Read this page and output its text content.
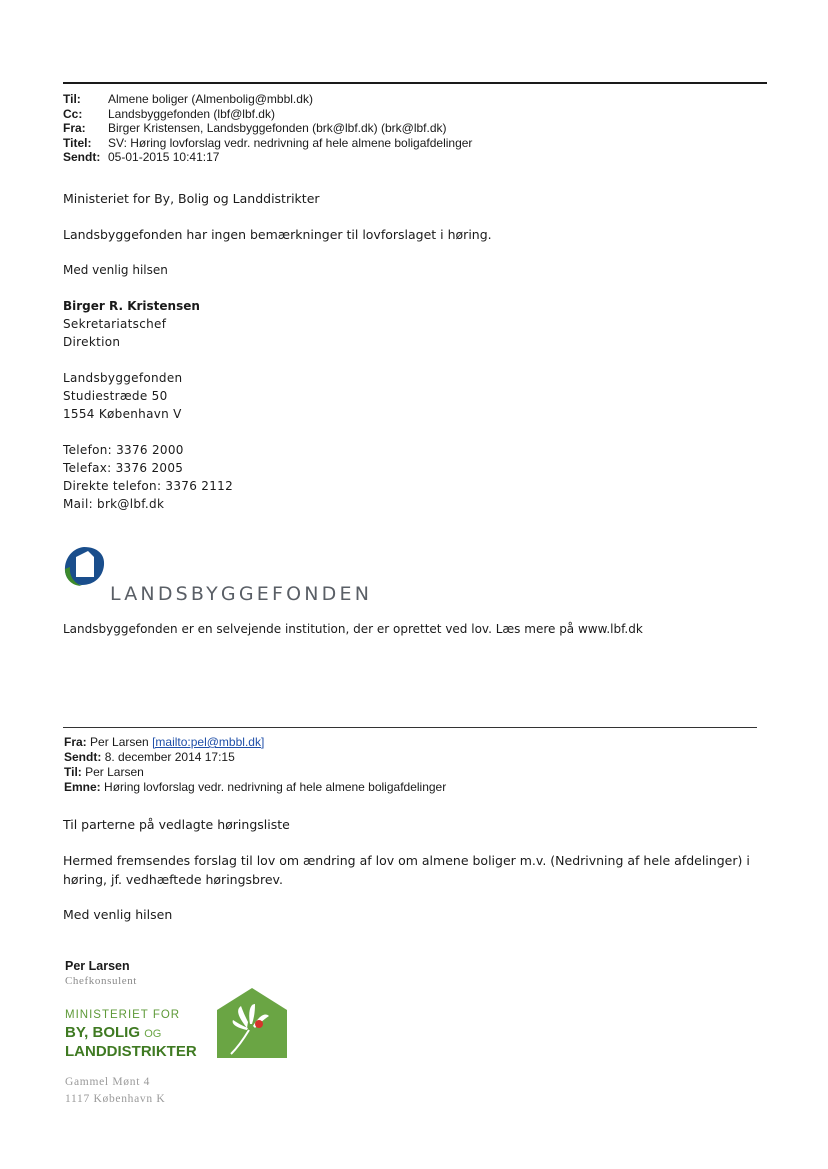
Til:	Almene boliger (Almenbolig@mbbl.dk)
Cc:	Landsbyggefonden (lbf@lbf.dk)
Fra:	Birger Kristensen, Landsbyggefonden (brk@lbf.dk) (brk@lbf.dk)
Titel:	SV: Høring lovforslag vedr. nedrivning af hele almene boligafdelinger
Sendt: 05-01-2015 10:41:17
Ministeriet for By, Bolig og Landdistrikter
Landsbyggefonden har ingen bemærkninger til lovforslaget i høring.
Med venlig hilsen
Birger R. Kristensen
Sekretariatschef
Direktion
Landsbyggefonden
Studiestræde 50
1554 København V
Telefon: 3376 2000
Telefax: 3376 2005
Direkte telefon: 3376 2112
Mail: brk@lbf.dk
LANDSBYGGEFONDEN
Landsbyggefonden er en selvejende institution, der er oprettet ved lov. Læs mere på www.lbf.dk
Fra: Per Larsen [mailto:pel@mbbl.dk]
Sendt: 8. december 2014 17:15
Til: Per Larsen
Emne: Høring lovforslag vedr. nedrivning af hele almene boligafdelinger
Til parterne på vedlagte høringsliste
Hermed fremsendes forslag til lov om ændring af lov om almene boliger m.v. (Nedrivning af hele afdelinger) i
høring, jf. vedhæftede høringsbrev.
Med venlig hilsen
Per Larsen
Chefkonsulent
MINISTERIET FOR
BY, BOLIG OG
LANDDISTRIKTER
Gammel Mønt 4
1117 København K
